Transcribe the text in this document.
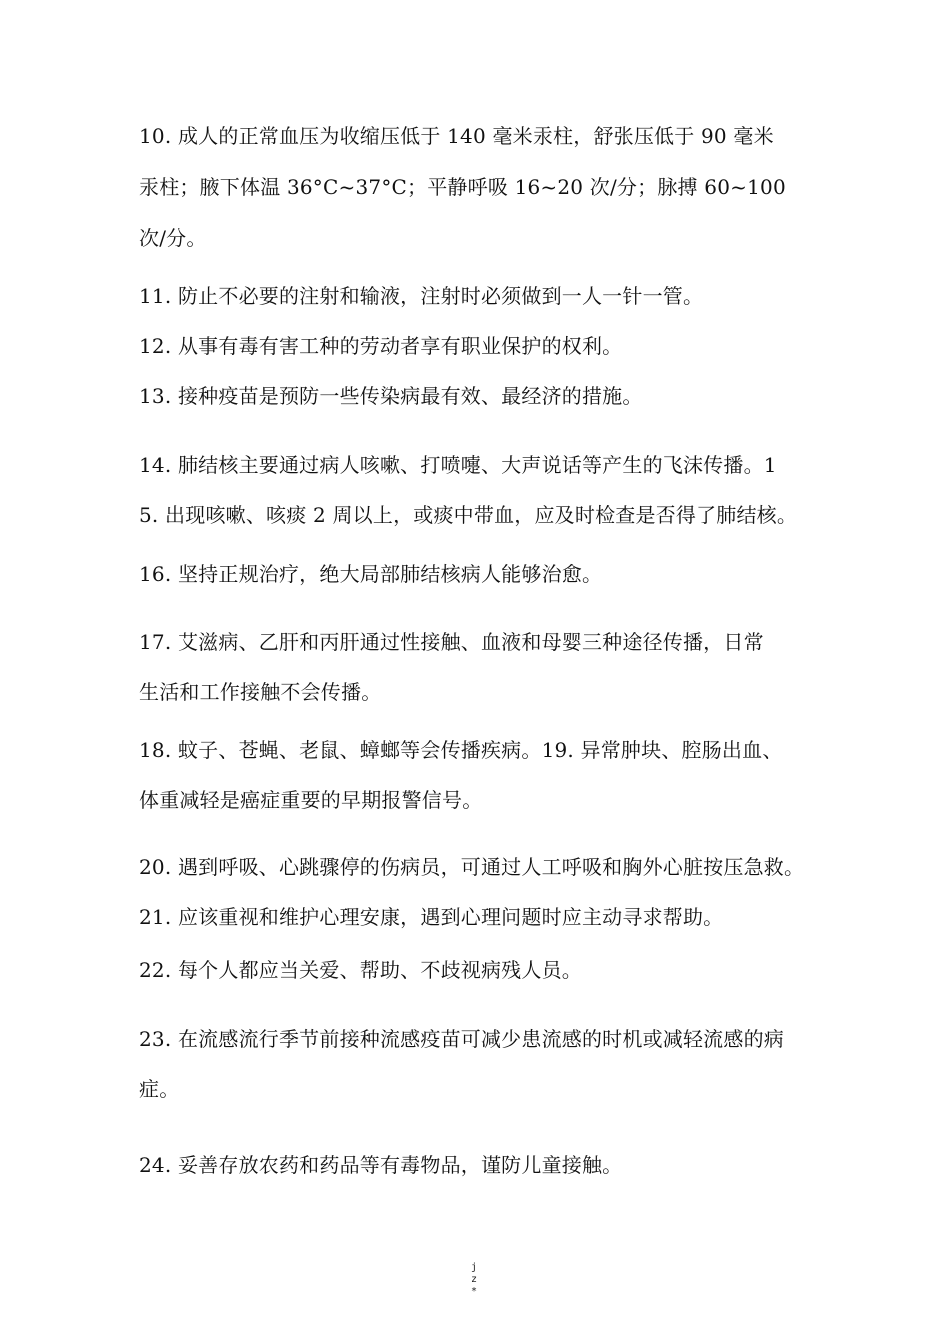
10. 成人的正常血压为收缩压低于 140 毫米汞柱，舒张压低于 90 毫米
汞柱；腋下体温 36°C~37°C；平静呼吸 16~20 次/分；脉搏 60~100
次/分。
11. 防止不必要的注射和输液，注射时必须做到一人一针一管。
12. 从事有毒有害工种的劳动者享有职业保护的权利。
13. 接种疫苗是预防一些传染病最有效、最经济的措施。
14. 肺结核主要通过病人咳嗽、打喷嚏、大声说话等产生的飞沫传播。1
5. 出现咳嗽、咳痰 2 周以上，或痰中带血，应及时检查是否得了肺结核。
16. 坚持正规治疗，绝大局部肺结核病人能够治愈。
17. 艾滋病、乙肝和丙肝通过性接触、血液和母婴三种途径传播，日常
生活和工作接触不会传播。
18. 蚊子、苍蝇、老鼠、蟑螂等会传播疾病。19. 异常肿块、腔肠出血、
体重减轻是癌症重要的早期报警信号。
20. 遇到呼吸、心跳骤停的伤病员，可通过人工呼吸和胸外心脏按压急救。
21. 应该重视和维护心理安康，遇到心理问题时应主动寻求帮助。
22. 每个人都应当关爱、帮助、不歧视病残人员。
23. 在流感流行季节前接种流感疫苗可减少患流感的时机或减轻流感的病
症。
24. 妥善存放农药和药品等有毒物品，谨防儿童接触。
j
z
*
